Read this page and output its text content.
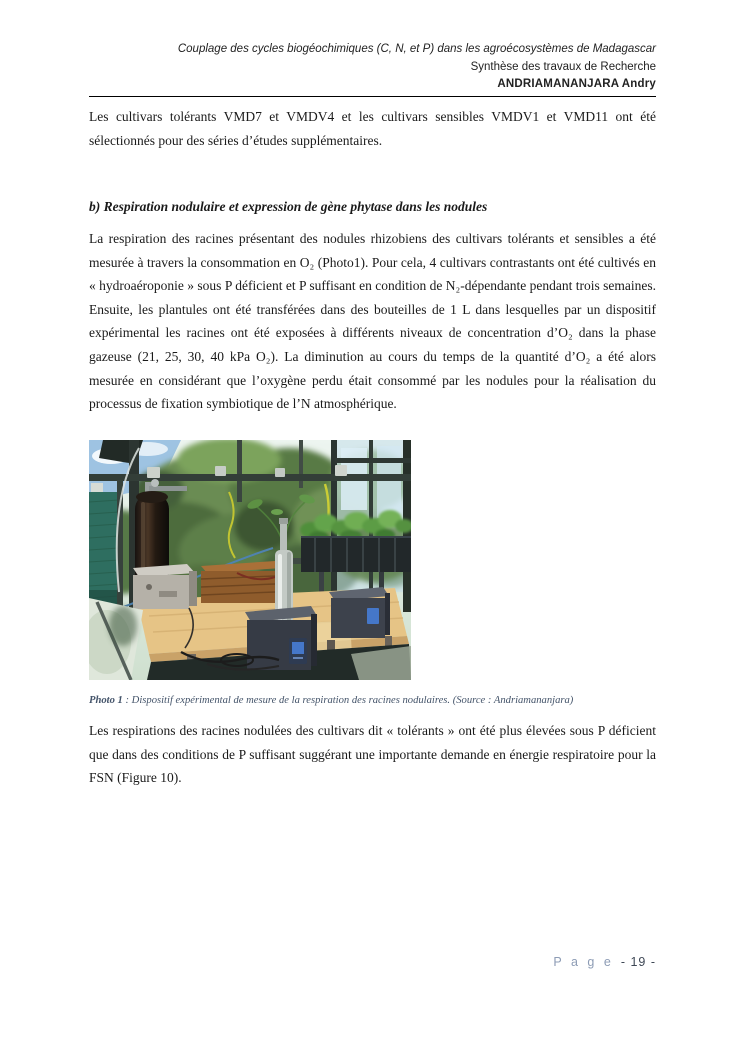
Couplage des cycles biogéochimiques (C, N, et P) dans les agroécosystèmes de Madagascar
Synthèse des travaux de Recherche
ANDRIAMANANJARA Andry
Les cultivars tolérants VMD7 et VMDV4 et les cultivars sensibles VMDV1 et VMD11 ont été sélectionnés pour des séries d’études supplémentaires.
b) Respiration nodulaire et expression de gène phytase dans les nodules
La respiration des racines présentant des nodules rhizobiens des cultivars tolérants et sensibles a été mesurée à travers la consommation en O₂ (Photo1). Pour cela, 4 cultivars contrastants ont été cultivés en « hydroaéroponie » sous P déficient et P suffisant en condition de N₂-dépendante pendant trois semaines. Ensuite, les plantules ont été transférées dans des bouteilles de 1 L dans lesquelles par un dispositif expérimental les racines ont été exposées à différents niveaux de concentration d’O₂ dans la phase gazeuse (21, 25, 30, 40 kPa O₂). La diminution au cours du temps de la quantité d’O₂ a été alors mesurée en considérant que l’oxygène perdu était consommé par les nodules pour la réalisation du processus de fixation symbiotique de l’N atmosphérique.
Photo 1 : Dispositif expérimental de mesure de la respiration des racines nodulaires. (Source : Andriamananjara)
Les respirations des racines nodulées des cultivars dit « tolérants » ont été plus élevées sous P déficient que dans des conditions de P suffisant suggérant une importante demande en énergie respiratoire pour la FSN (Figure 10).
P a g e - 19 -
